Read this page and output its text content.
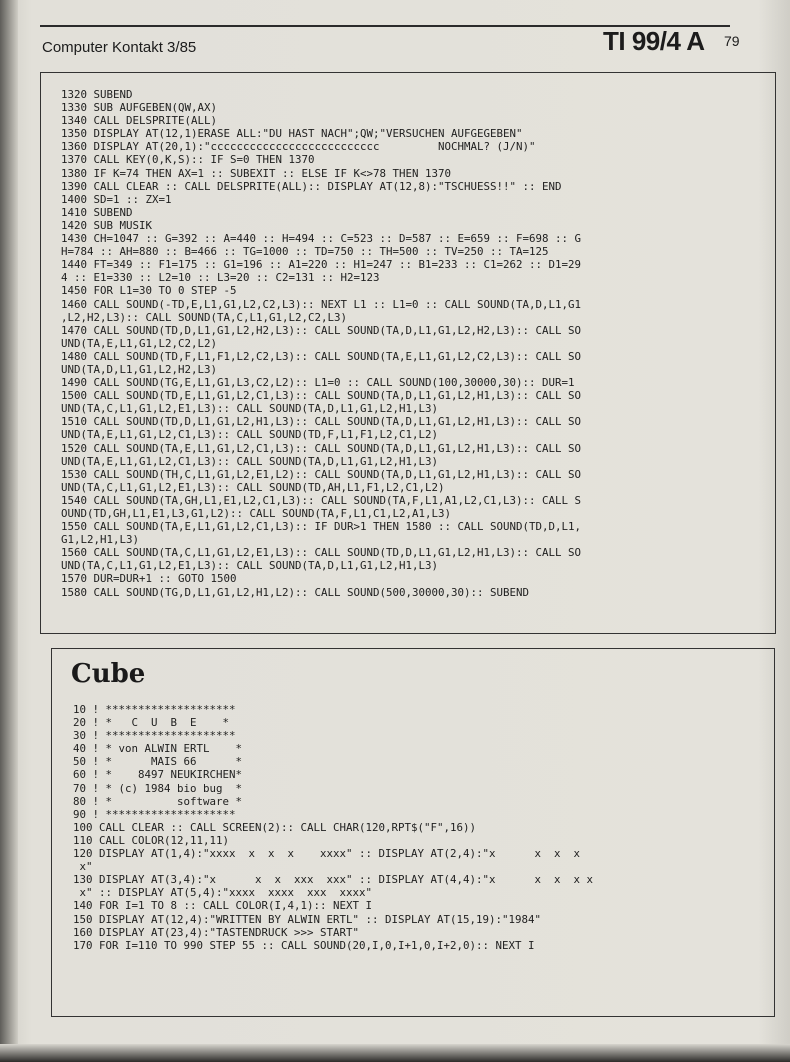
Computer Kontakt 3/85	TI 99/4 A 79
1320 SUBEND
1330 SUB AUFGEBEN(QW,AX)
1340 CALL DELSPRITE(ALL)
1350 DISPLAY AT(12,1)ERASE ALL:"DU HAST NACH";QW;"VERSUCHEN AUFGEGEBEN"
1360 DISPLAY AT(20,1):"cccccccccccccccccccccccccc         NOCHMAL? (J/N)"
1370 CALL KEY(0,K,S):: IF S=0 THEN 1370
1380 IF K=74 THEN AX=1 :: SUBEXIT :: ELSE IF K<>78 THEN 1370
1390 CALL CLEAR :: CALL DELSPRITE(ALL):: DISPLAY AT(12,8):"TSCHUESS!!" :: END
1400 SD=1 :: ZX=1
1410 SUBEND
1420 SUB MUSIK
1430 CH=1047 :: G=392 :: A=440 :: H=494 :: C=523 :: D=587 :: E=659 :: F=698 :: G
H=784 :: AH=880 :: B=466 :: TG=1000 :: TD=750 :: TH=500 :: TV=250 :: TA=125
1440 FT=349 :: F1=175 :: G1=196 :: A1=220 :: H1=247 :: B1=233 :: C1=262 :: D1=29
4 :: E1=330 :: L2=10 :: L3=20 :: C2=131 :: H2=123
1450 FOR L1=30 TO 0 STEP -5
1460 CALL SOUND(-TD,E,L1,G1,L2,C2,L3):: NEXT L1 :: L1=0 :: CALL SOUND(TA,D,L1,G1
,L2,H2,L3):: CALL SOUND(TA,C,L1,G1,L2,C2,L3)
1470 CALL SOUND(TD,D,L1,G1,L2,H2,L3):: CALL SOUND(TA,D,L1,G1,L2,H2,L3):: CALL SO
UND(TA,E,L1,G1,L2,C2,L2)
1480 CALL SOUND(TD,F,L1,F1,L2,C2,L3):: CALL SOUND(TA,E,L1,G1,L2,C2,L3):: CALL SO
UND(TA,D,L1,G1,L2,H2,L3)
1490 CALL SOUND(TG,E,L1,G1,L3,C2,L2):: L1=0 :: CALL SOUND(100,30000,30):: DUR=1
1500 CALL SOUND(TD,E,L1,G1,L2,C1,L3):: CALL SOUND(TA,D,L1,G1,L2,H1,L3):: CALL SO
UND(TA,C,L1,G1,L2,E1,L3):: CALL SOUND(TA,D,L1,G1,L2,H1,L3)
1510 CALL SOUND(TD,D,L1,G1,L2,H1,L3):: CALL SOUND(TA,D,L1,G1,L2,H1,L3):: CALL SO
UND(TA,E,L1,G1,L2,C1,L3):: CALL SOUND(TD,F,L1,F1,L2,C1,L2)
1520 CALL SOUND(TA,E,L1,G1,L2,C1,L3):: CALL SOUND(TA,D,L1,G1,L2,H1,L3):: CALL SO
UND(TA,E,L1,G1,L2,C1,L3):: CALL SOUND(TA,D,L1,G1,L2,H1,L3)
1530 CALL SOUND(TH,C,L1,G1,L2,E1,L2):: CALL SOUND(TA,D,L1,G1,L2,H1,L3):: CALL SO
UND(TA,C,L1,G1,L2,E1,L3):: CALL SOUND(TD,AH,L1,F1,L2,C1,L2)
1540 CALL SOUND(TA,GH,L1,E1,L2,C1,L3):: CALL SOUND(TA,F,L1,A1,L2,C1,L3):: CALL S
OUND(TD,GH,L1,E1,L3,G1,L2):: CALL SOUND(TA,F,L1,C1,L2,A1,L3)
1550 CALL SOUND(TA,E,L1,G1,L2,C1,L3):: IF DUR>1 THEN 1580 :: CALL SOUND(TD,D,L1,
G1,L2,H1,L3)
1560 CALL SOUND(TA,C,L1,G1,L2,E1,L3):: CALL SOUND(TD,D,L1,G1,L2,H1,L3):: CALL SO
UND(TA,C,L1,G1,L2,E1,L3):: CALL SOUND(TA,D,L1,G1,L2,H1,L3)
1570 DUR=DUR+1 :: GOTO 1500
1580 CALL SOUND(TG,D,L1,G1,L2,H1,L2):: CALL SOUND(500,30000,30):: SUBEND
Cube
10 ! ********************
20 ! *   C  U  B  E    *
30 ! ********************
40 ! * von ALWIN ERTL    *
50 ! *      MAIS 66      *
60 ! *    8497 NEUKIRCHEN*
70 ! * (c) 1984 bio bug  *
80 ! *          software *
90 ! ********************
100 CALL CLEAR :: CALL SCREEN(2):: CALL CHAR(120,RPT$("F",16))
110 CALL COLOR(12,11,11)
120 DISPLAY AT(1,4):"xxxx  x  x  x    xxxx" :: DISPLAY AT(2,4):"x      x  x  x
x"
130 DISPLAY AT(3,4):"x      x  x  xxx  xxx" :: DISPLAY AT(4,4):"x      x  x  x x
x" :: DISPLAY AT(5,4):"xxxx  xxxx  xxx  xxxx"
140 FOR I=1 TO 8 :: CALL COLOR(I,4,1):: NEXT I
150 DISPLAY AT(12,4):"WRITTEN BY ALWIN ERTL" :: DISPLAY AT(15,19):"1984"
160 DISPLAY AT(23,4):"TASTENDRUCK >>> START"
170 FOR I=110 TO 990 STEP 55 :: CALL SOUND(20,I,0,I+1,0,I+2,0):: NEXT I
